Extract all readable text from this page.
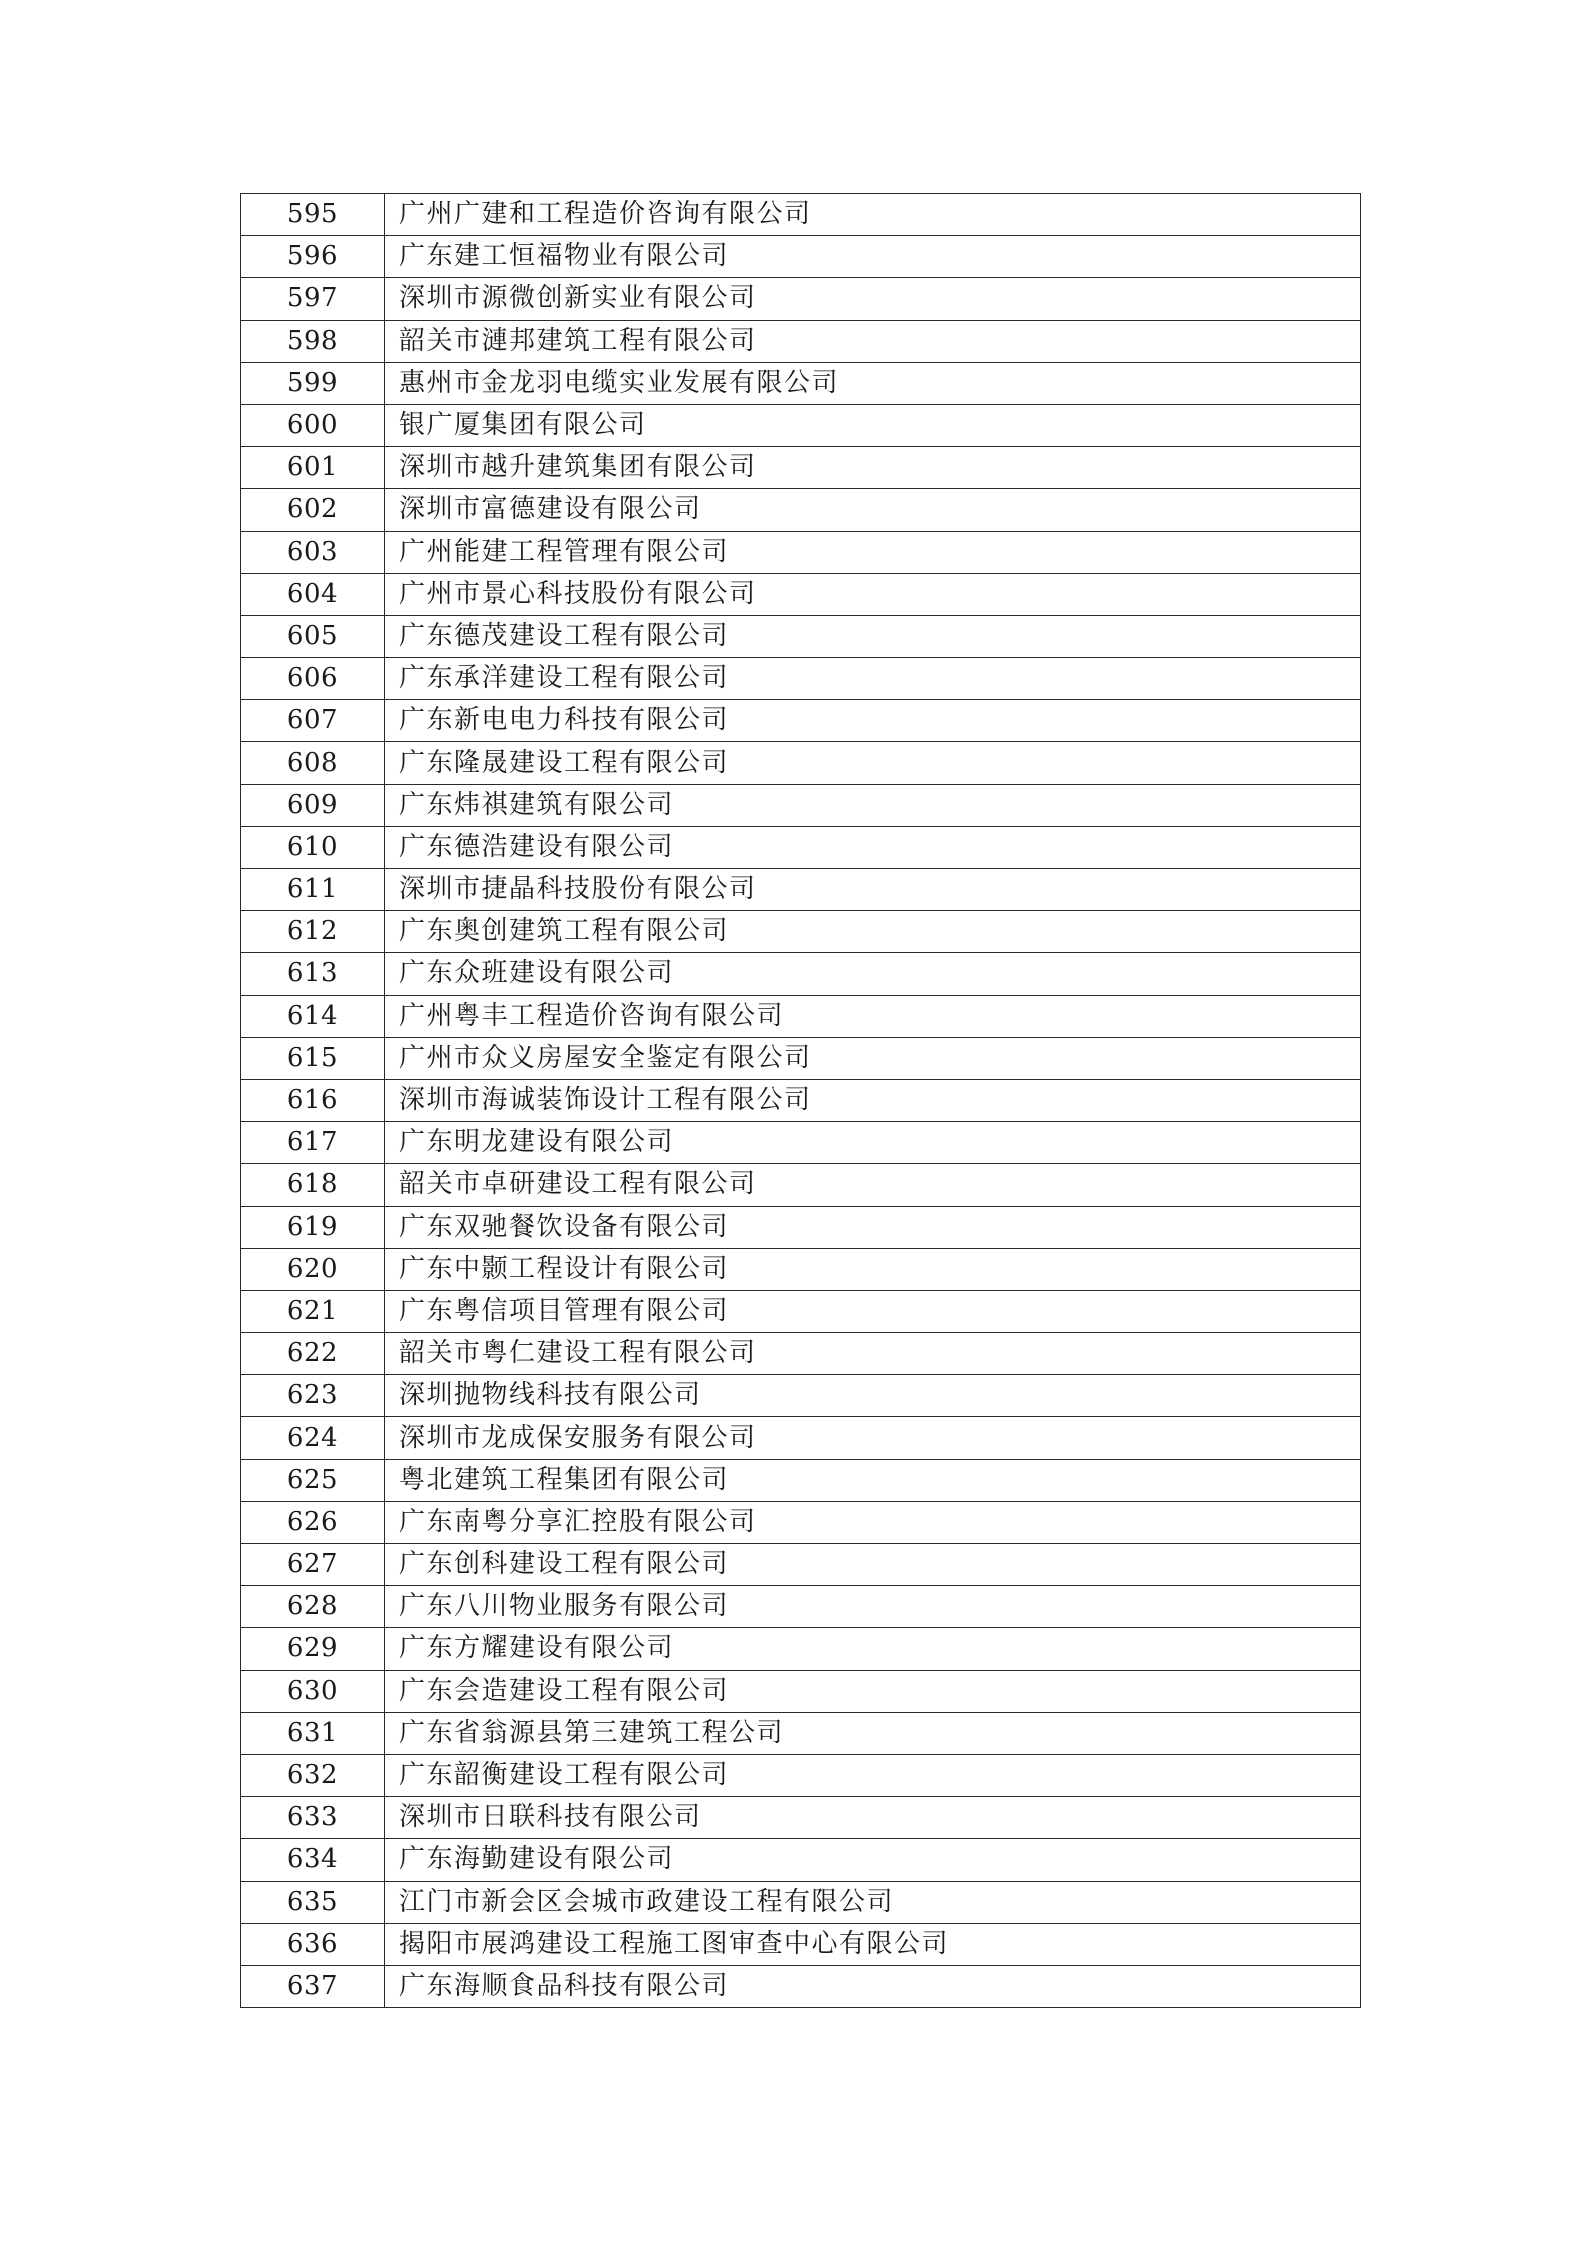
595	广州广建和工程造价咨询有限公司
596	广东建工恒福物业有限公司
597	深圳市源微创新实业有限公司
598	韶关市漣邦建筑工程有限公司
599	惠州市金龙羽电缆实业发展有限公司
600	银广厦集团有限公司
601	深圳市越升建筑集团有限公司
602	深圳市富德建设有限公司
603	广州能建工程管理有限公司
604	广州市景心科技股份有限公司
605	广东德茂建设工程有限公司
606	广东承洋建设工程有限公司
607	广东新电电力科技有限公司
608	广东隆晟建设工程有限公司
609	广东炜祺建筑有限公司
610	广东德浩建设有限公司
611	深圳市捷晶科技股份有限公司
612	广东奥创建筑工程有限公司
613	广东众班建设有限公司
614	广州粤丰工程造价咨询有限公司
615	广州市众义房屋安全鉴定有限公司
616	深圳市海诚装饰设计工程有限公司
617	广东明龙建设有限公司
618	韶关市卓研建设工程有限公司
619	广东双驰餐饮设备有限公司
620	广东中颢工程设计有限公司
621	广东粤信项目管理有限公司
622	韶关市粤仁建设工程有限公司
623	深圳抛物线科技有限公司
624	深圳市龙成保安服务有限公司
625	粤北建筑工程集团有限公司
626	广东南粤分享汇控股有限公司
627	广东创科建设工程有限公司
628	广东八川物业服务有限公司
629	广东方耀建设有限公司
630	广东会造建设工程有限公司
631	广东省翁源县第三建筑工程公司
632	广东韶衡建设工程有限公司
633	深圳市日联科技有限公司
634	广东海勤建设有限公司
635	江门市新会区会城市政建设工程有限公司
636	揭阳市展鸿建设工程施工图审查中心有限公司
637	广东海顺食品科技有限公司
